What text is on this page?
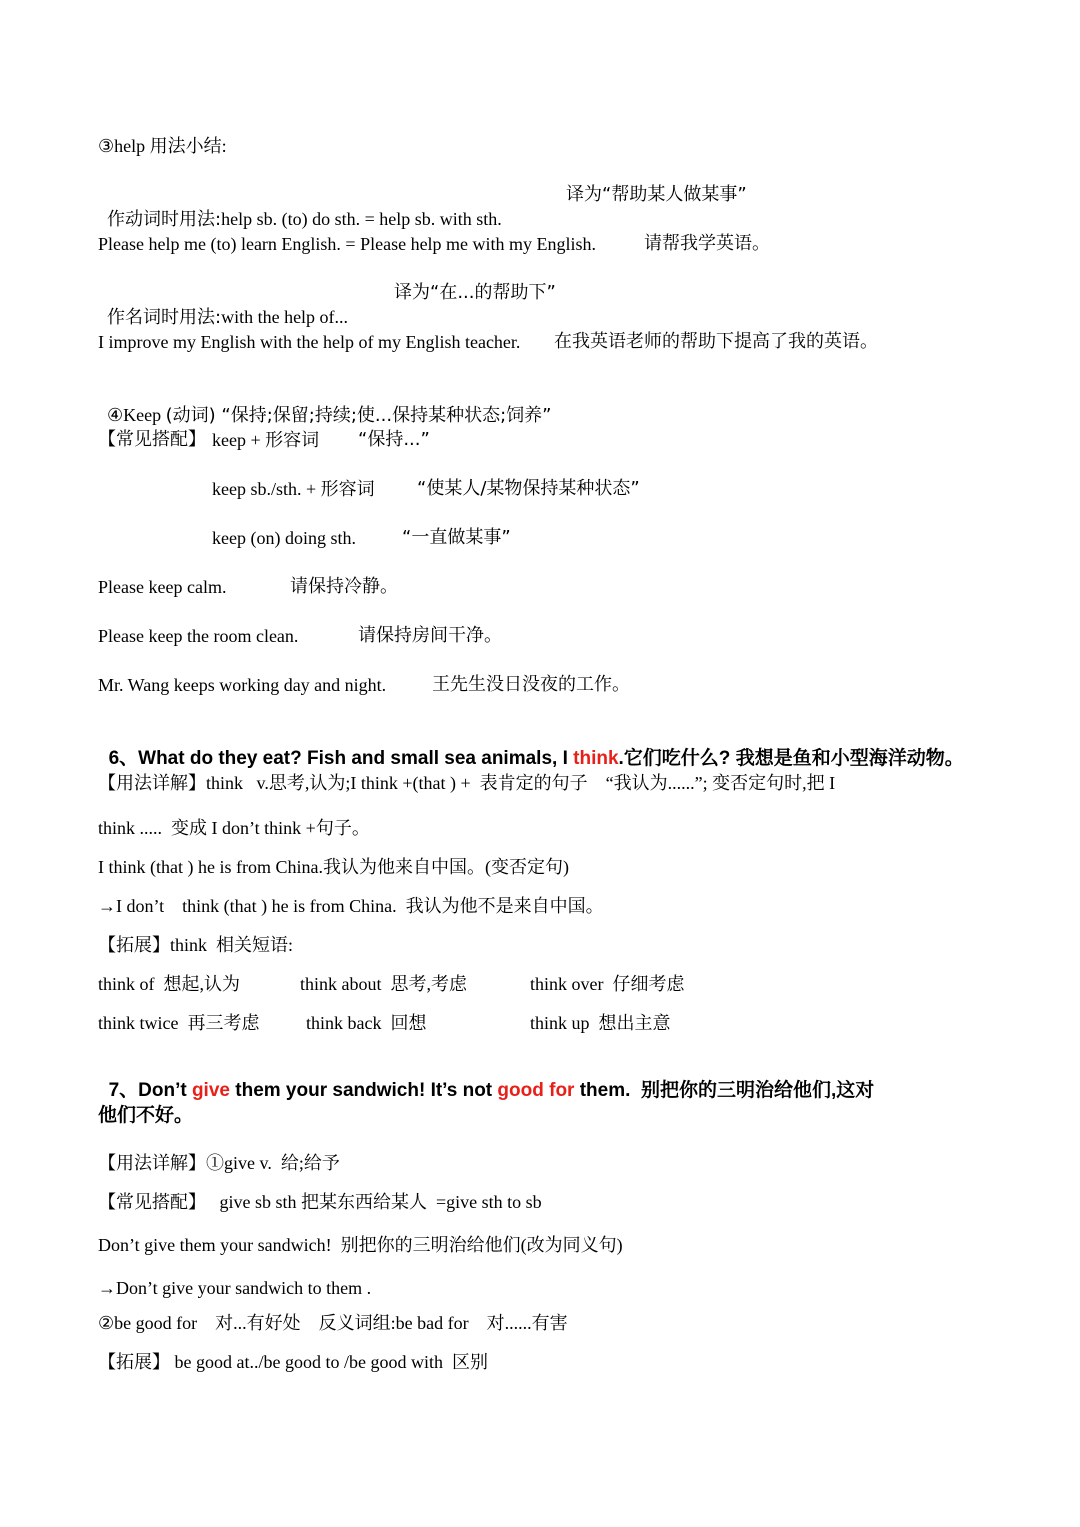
③help 用法小结:

作动词时用法:help sb. (to) do sth. = help sb. with sth.

译为“帮助某人做某事”
Please help me (to) learn English. = Please help me with my English.	请帮我学英语。

作名词时用法:with the help of...

译为“在...的帮助下”
I improve my English with the help of my English teacher. 在我英语老师的帮助下提高了我的英语。

④Keep (动词) “保持;保留;持续;使...保持某种状态;饲养”

【常见搭配】 keep + 形容词 “保持...”
keep sb./sth. + 形容词 “使某人/某物保持某种状态”
keep (on) doing sth.	“一直做某事”
Please keep calm.	请保持冷静。
Please keep the room clean.	请保持房间干净。
Mr. Wang keeps working day and night.	王先生没日没夜的工作。

6、What do they eat? Fish and small sea animals, I think.它们吃什么? 我想是鱼和小型海洋动物。

【用法详解】think   v.思考,认为;I think +(that ) +  表肯定的句子    “我认为......”; 变否定句时,把 I
think .....  变成 I don’t think +句子。
I think (that ) he is from China.我认为他来自中国。(变否定句)
→I don’t    think (that ) he is from China.  我认为他不是来自中国。
【拓展】think  相关短语:
think of 想起,认为	think about 思考,考虑	think over 仔细考虑
think twice 再三考虑	think back 回想	think up 想出主意

7、Don’t give them your sandwich! It’s not good for them.  别把你的三明治给他们,这对

他们不好。
【用法详解】①give v.  给;给予
【常见搭配】   give sb sth 把某东西给某人  =give sth to sb
Don’t give them your sandwich!  别把你的三明治给他们(改为同义句)
→Don’t give your sandwich to them .
②be good for    对...有好处    反义词组:be bad for    对......有害
【拓展】 be good at../be good to /be good with  区别
